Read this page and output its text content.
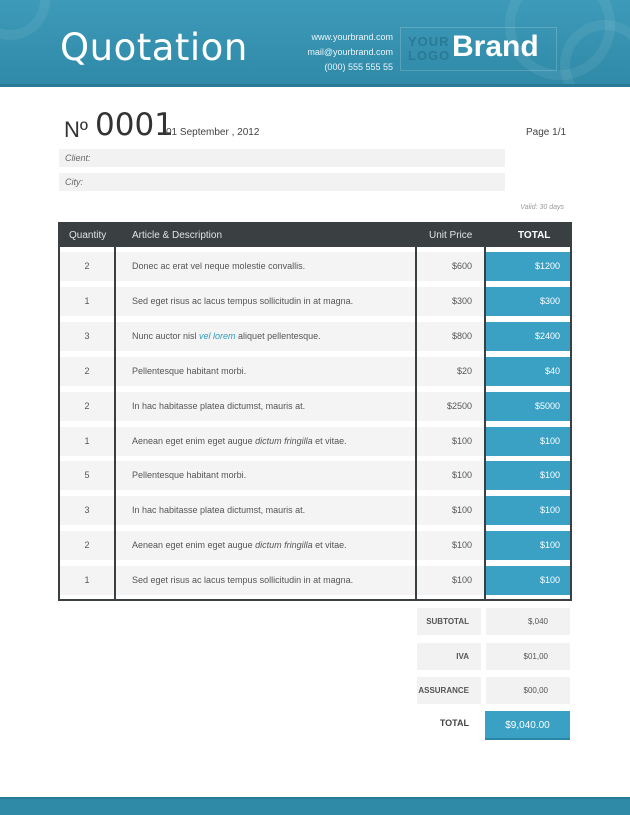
Quotation	www.yourbrand.com
mail@yourbrand.com
(000) 555 555 55
YOUR
LOGO Brand
Nº 0001
01 September , 2012	Page 1/1
Client:
City:
Valid: 30 days
Quantity	Article & Description	Unit Price	TOTAL
2	Donec ac erat vel neque molestie convallis.	$600	$1200
1	Sed eget risus ac lacus tempus sollicitudin in at magna.	$300	$300
3	Nunc auctor nisl vel lorem aliquet pellentesque.	$800	$2400
2	Pellentesque habitant morbi.	$20	$40
2	In hac habitasse platea dictumst, mauris at.	$2500	$5000
1	Aenean eget enim eget augue dictum fringilla et vitae.	$100	$100
5	Pellentesque habitant morbi.	$100	$100
3	In hac habitasse platea dictumst, mauris at.	$100	$100
2	Aenean eget enim eget augue dictum fringilla et vitae.	$100	$100
1	Sed eget risus ac lacus tempus sollicitudin in at magna.	$100	$100
SUBTOTAL	$,040
IVA	$01,00
ASSURANCE	$00,00
TOTAL	$9,040.00
